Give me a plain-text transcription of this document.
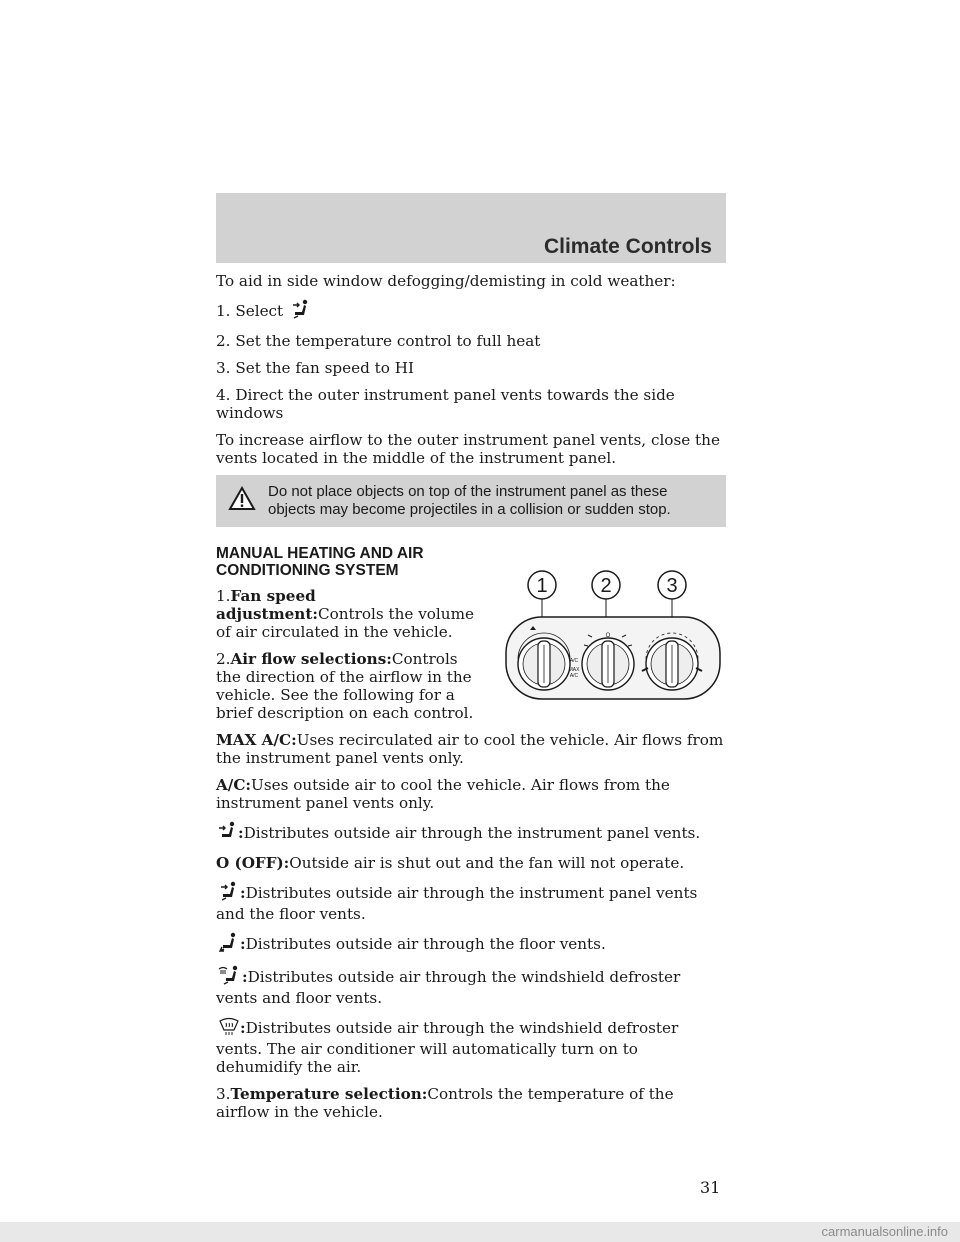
Climate Controls

To aid in side window defogging/demisting in cold weather:

1. Select

2. Set the temperature control to full heat

3. Set the fan speed to HI

4. Direct the outer instrument panel vents towards the side windows

To increase airflow to the outer instrument panel vents, close the vents located in the middle of the instrument panel.

Do not place objects on top of the instrument panel as these objects may become projectiles in a collision or sudden stop.

MANUAL HEATING AND AIR
CONDITIONING SYSTEM

1.Fan speed adjustment:Controls the volume of air circulated in the vehicle.

2.Air flow selections:Controls the direction of the airflow in the vehicle. See the following for a brief description on each control.

1	2	3
O
A/C
MAX
A/C

MAX A/C:Uses recirculated air to cool the vehicle. Air flows from the instrument panel vents only.

A/C:Uses outside air to cool the vehicle. Air flows from the instrument panel vents only.

:Distributes outside air through the instrument panel vents.

O (OFF):Outside air is shut out and the fan will not operate.

:Distributes outside air through the instrument panel vents and the floor vents.

:Distributes outside air through the floor vents.

:Distributes outside air through the windshield defroster vents and floor vents.

:Distributes outside air through the windshield defroster vents. The air conditioner will automatically turn on to dehumidify the air.

3.Temperature selection:Controls the temperature of the airflow in the vehicle.

31
carmanualsonline.info
